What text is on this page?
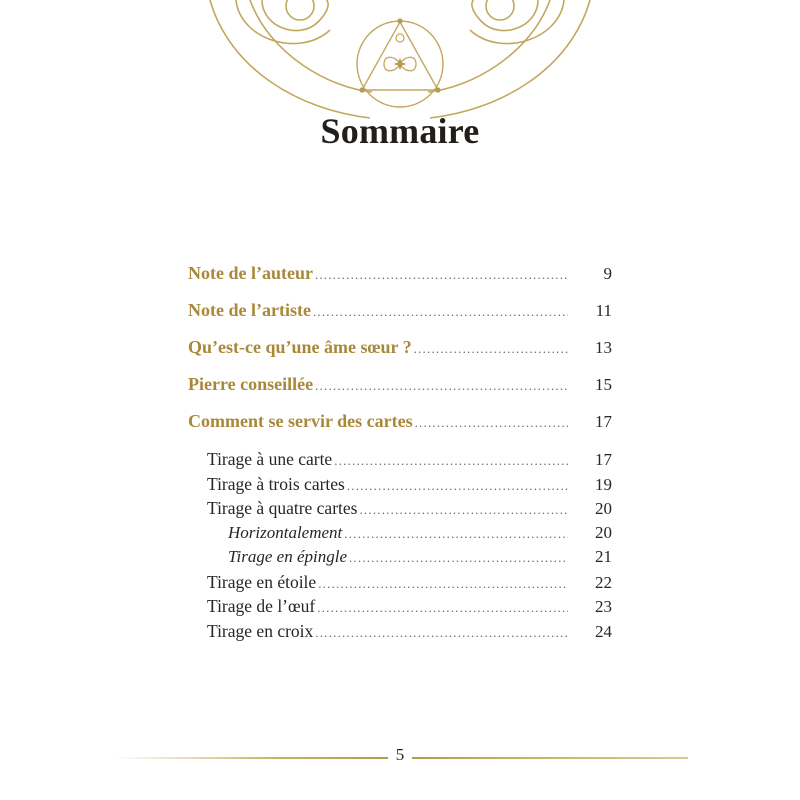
Sommaire
Note de l’auteur .....	9
Note de l’artiste .....	11
Qu’est-ce qu’une âme sœur ? .....	13
Pierre conseillée .....	15
Comment se servir des cartes .....	17
Tirage à une carte .....	17
Tirage à trois cartes .....	19
Tirage à quatre cartes .....	20
Horizontalement .....	20
Tirage en épingle .....	21
Tirage en étoile .....	22
Tirage de l’œuf .....	23
Tirage en croix .....	24
5
